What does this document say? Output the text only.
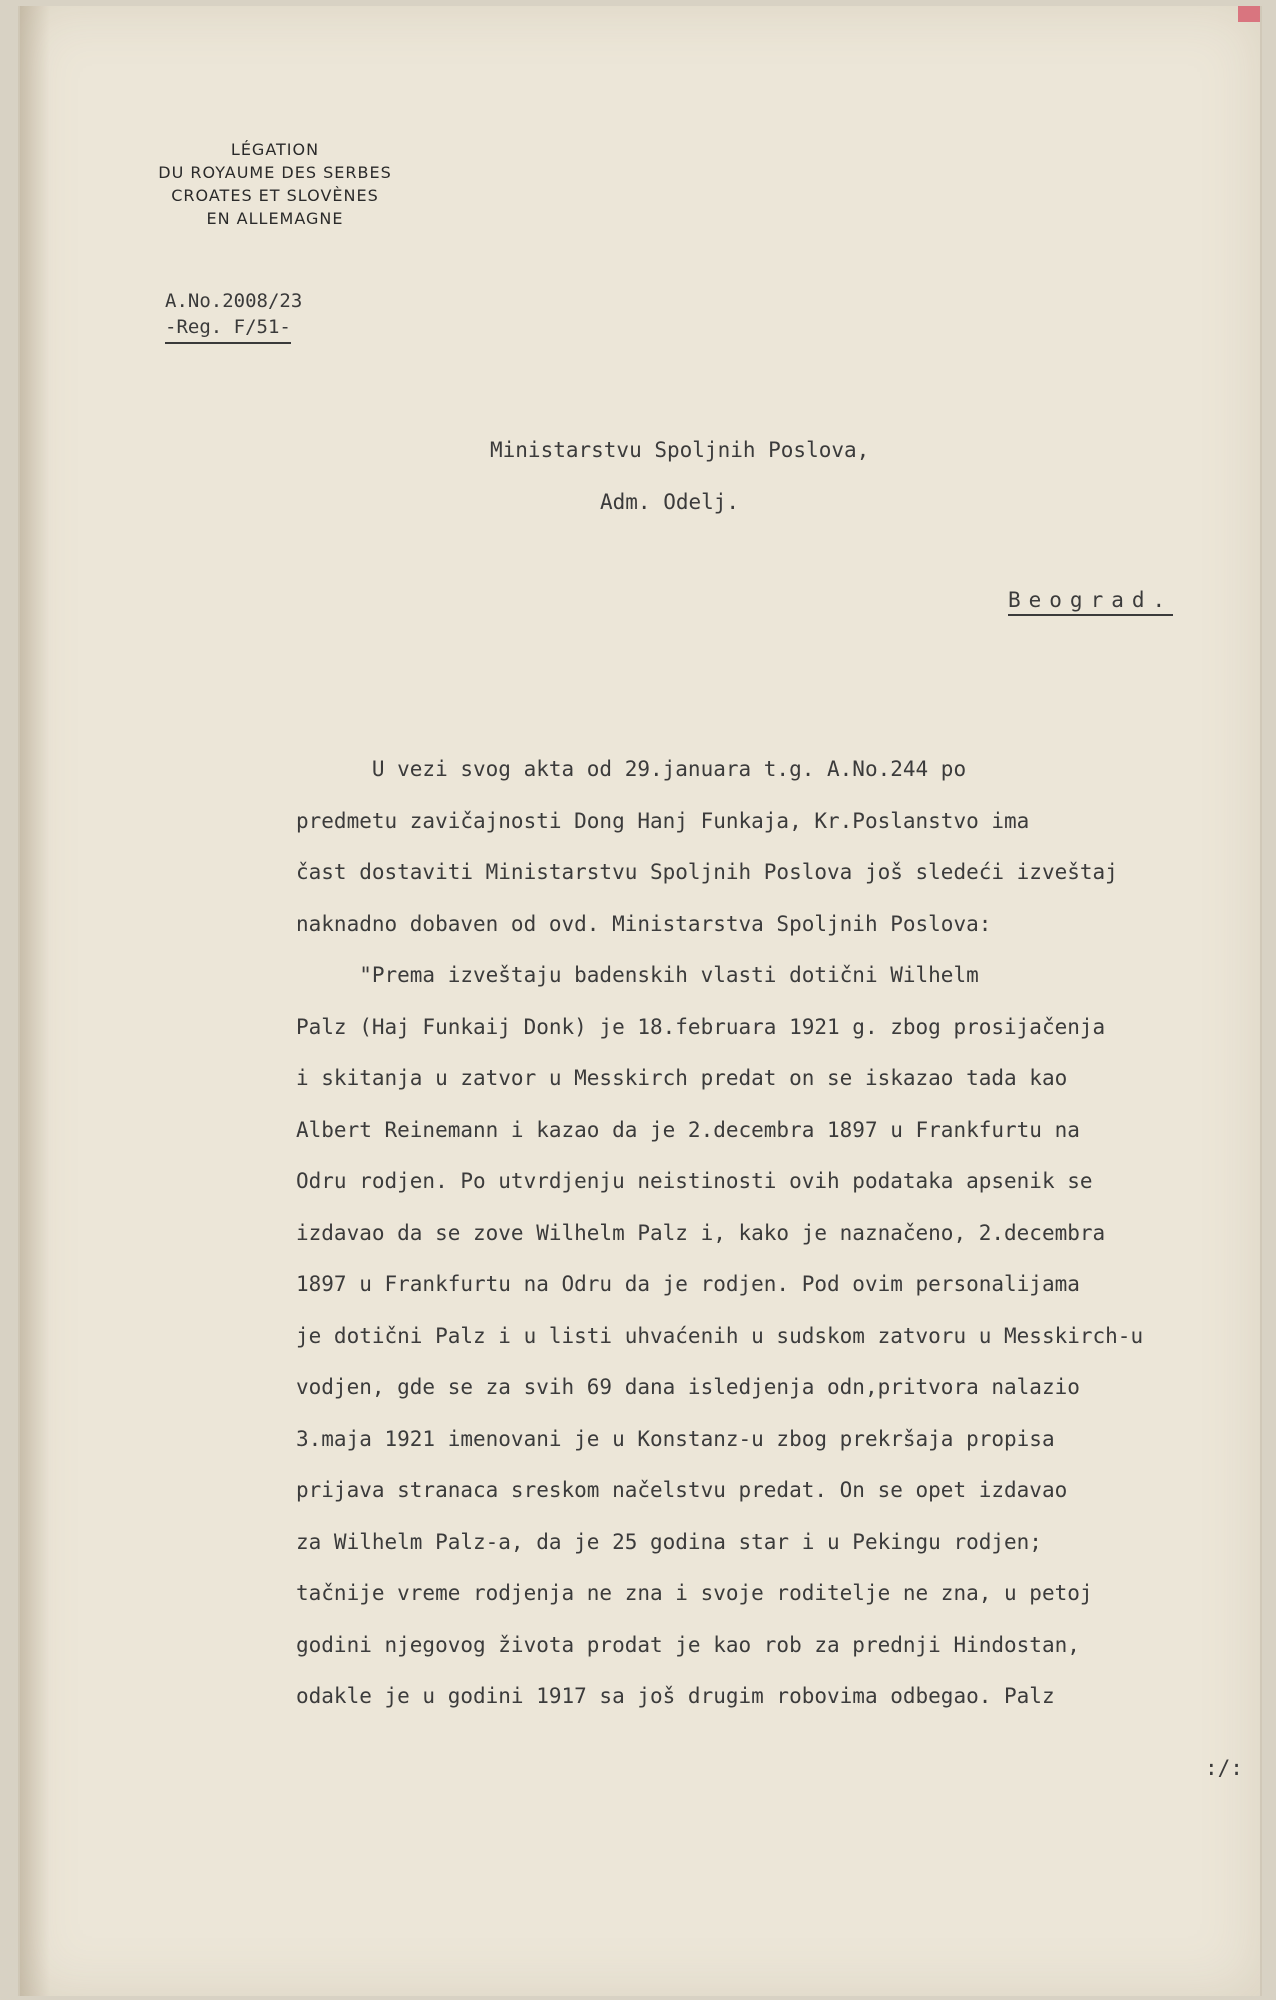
LÉGATION
DU ROYAUME DES SERBES
CROATES ET SLOVÈNES
EN ALLEMAGNE
A.No.2008/23
-Reg. F/51-
Ministarstvu Spoljnih Poslova,
Adm. Odelj.
Beograd.
U vezi svog akta od 29.januara t.g. A.No.244 po
predmetu zavičajnosti Dong Hanj Funkaja, Kr.Poslanstvo ima
čast dostaviti Ministarstvu Spoljnih Poslova još sledeći izveštaj
naknadno dobaven od ovd. Ministarstva Spoljnih Poslova:
"Prema izveštaju badenskih vlasti dotični Wilhelm
Palz (Haj Funkaij Donk) je 18.februara 1921 g. zbog prosijačenja
i skitanja u zatvor u Messkirch predat on se iskazao tada kao
Albert Reinemann i kazao da je 2.decembra 1897 u Frankfurtu na
Odru rodjen. Po utvrdjenju neistinosti ovih podataka apsenik se
izdavao da se zove Wilhelm Palz i, kako je naznačeno, 2.decembra
1897 u Frankfurtu na Odru da je rodjen. Pod ovim personalijama
je dotični Palz i u listi uhvaćenih u sudskom zatvoru u Messkirch-u
vodjen, gde se za svih 69 dana isledjenja odn,pritvora nalazio
3.maja 1921 imenovani je u Konstanz-u zbog prekršaja propisa
prijava stranaca sreskom načelstvu predat. On se opet izdavao
za Wilhelm Palz-a, da je 25 godina star i u Pekingu rodjen;
tačnije vreme rodjenja ne zna i svoje roditelje ne zna, u petoj
godini njegovog života prodat je kao rob za prednji Hindostan,
odakle je u godini 1917 sa još drugim robovima odbegao. Palz
:/:
